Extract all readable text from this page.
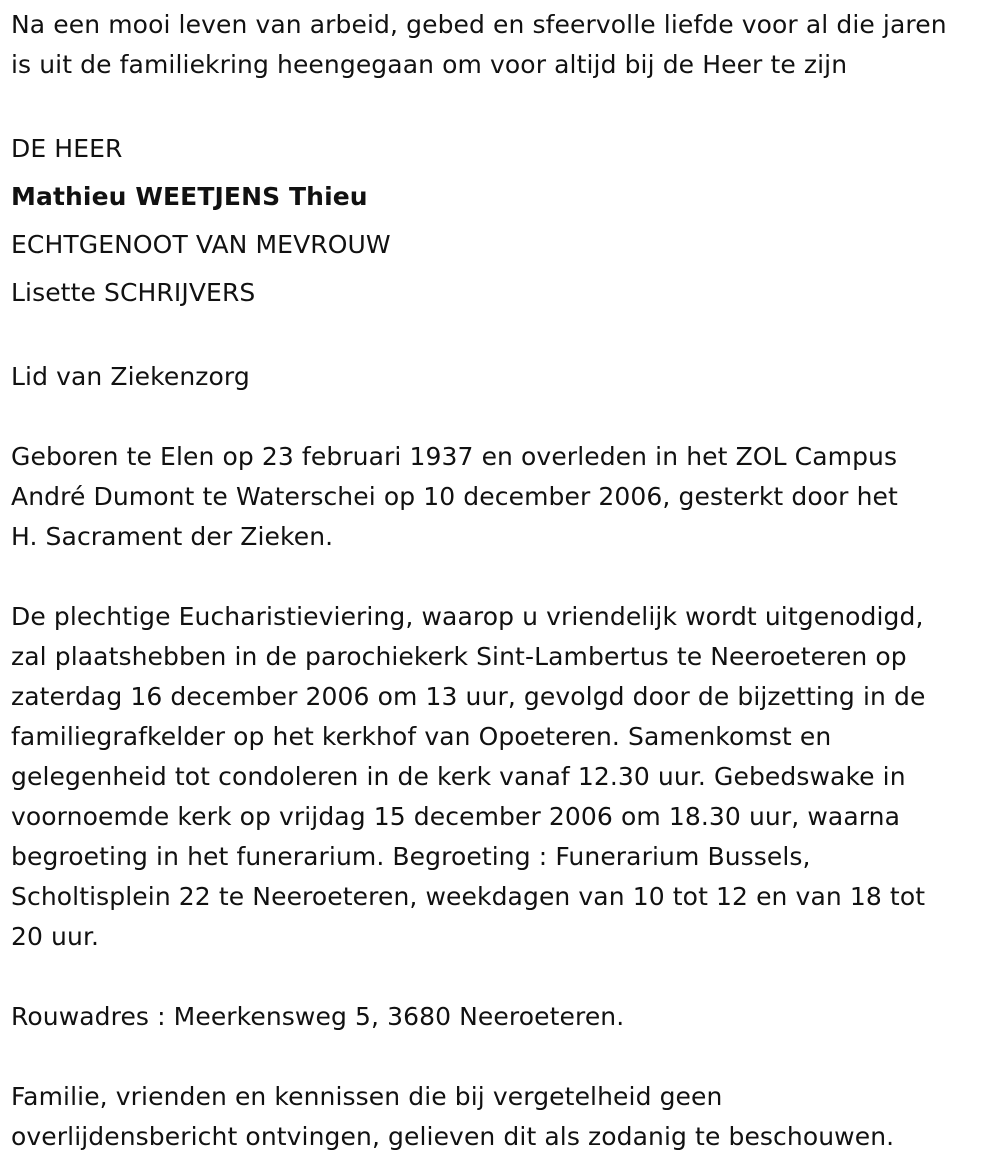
Na een mooi leven van arbeid, gebed en sfeervolle liefde voor al die jaren

is uit de familiekring heengegaan om voor altijd bij de Heer te zijn

DE HEER

Mathieu WEETJENS Thieu

ECHTGENOOT VAN MEVROUW

Lisette SCHRIJVERS

Lid van Ziekenzorg

Geboren te Elen op 23 februari 1937 en overleden in het ZOL Campus

André Dumont te Waterschei op 10 december 2006, gesterkt door het

H. Sacrament der Zieken.

De plechtige Eucharistieviering, waarop u vriendelijk wordt uitgenodigd,

zal plaatshebben in de parochiekerk Sint-Lambertus te Neeroeteren op

zaterdag 16 december 2006 om 13 uur, gevolgd door de bijzetting in de

familiegrafkelder op het kerkhof van Opoeteren. Samenkomst en

gelegenheid tot condoleren in de kerk vanaf 12.30 uur. Gebedswake in

voornoemde kerk op vrijdag 15 december 2006 om 18.30 uur, waarna

begroeting in het funerarium. Begroeting : Funerarium Bussels,

Scholtisplein 22 te Neeroeteren, weekdagen van 10 tot 12 en van 18 tot

20 uur.

Rouwadres : Meerkensweg 5, 3680 Neeroeteren.

Familie, vrienden en kennissen die bij vergetelheid geen

overlijdensbericht ontvingen, gelieven dit als zodanig te beschouwen.
